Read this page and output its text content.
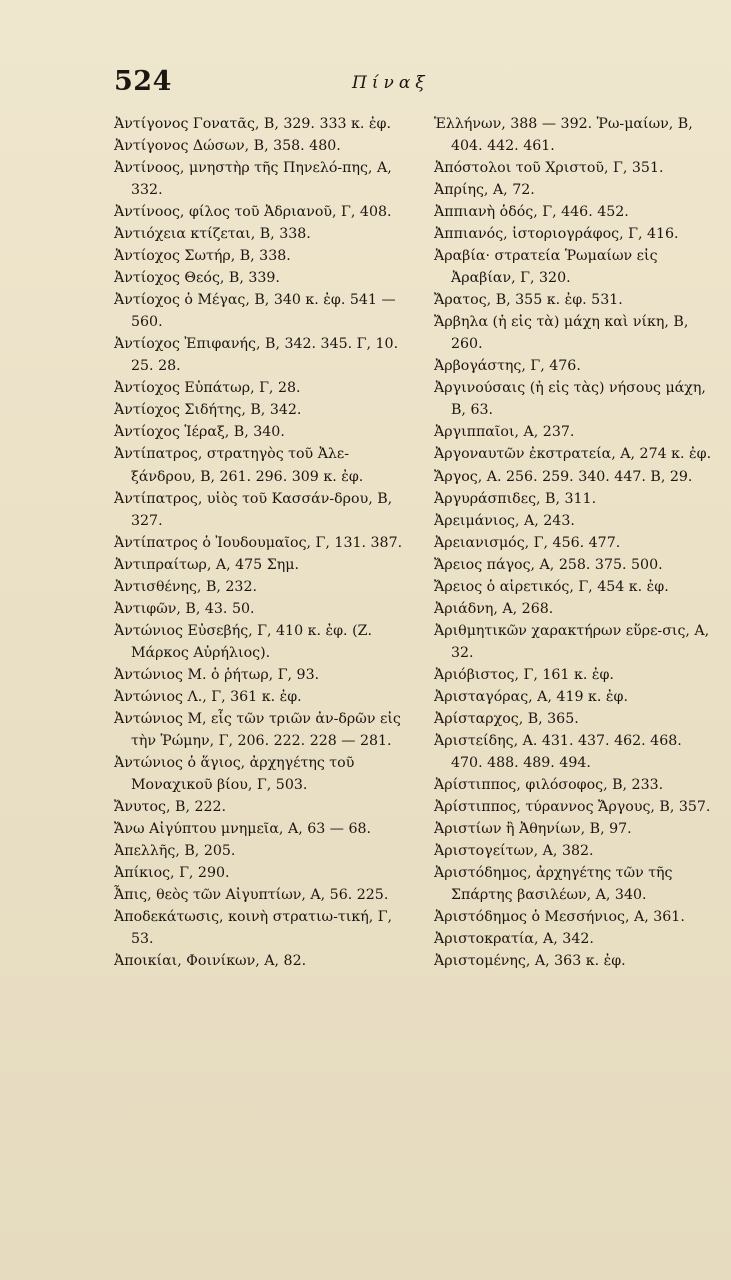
524	Πίναξ

Ἀντίγονος Γονατᾶς, Β, 329. 333 κ. ἐφ.

Ἀντίγονος Δώσων, Β, 358. 480.

Ἀντίνοος, μνηστὴρ τῆς Πηνελό-πης, Α, 332.

Ἀντίνοος, φίλος τοῦ Ἀδριανοῦ, Γ, 408.

Ἀντιόχεια κτίζεται, Β, 338.

Ἀντίοχος Σωτήρ, Β, 338.

Ἀντίοχος Θεός, Β, 339.

Ἀντίοχος ὁ Μέγας, Β, 340 κ. ἐφ. 541 — 560.

Ἀντίοχος Ἐπιφανής, Β, 342. 345. Γ, 10. 25. 28.

Ἀντίοχος Εὐπάτωρ, Γ, 28.

Ἀντίοχος Σιδήτης, Β, 342.

Ἀντίοχος Ἱέραξ, Β, 340.

Ἀντίπατρος, στρατηγὸς τοῦ Ἀλε-ξάνδρου, Β, 261. 296. 309 κ. ἐφ.

Ἀντίπατρος, υἱὸς τοῦ Κασσάν-δρου, Β, 327.

Ἀντίπατρος ὁ Ἰουδουμαῖος, Γ, 131. 387.

Ἀντιπραίτωρ, Α, 475 Σημ.

Ἀντισθένης, Β, 232.

Ἀντιφῶν, Β, 43. 50.

Ἀντώνιος Εὐσεβής, Γ, 410 κ. ἐφ. (Ζ. Μάρκος Αὐρήλιος).

Ἀντώνιος Μ. ὁ ῥήτωρ, Γ, 93.

Ἀντώνιος Λ., Γ, 361 κ. ἐφ.

Ἀντώνιος Μ, εἷς τῶν τριῶν ἀν-δρῶν εἰς τὴν Ῥώμην, Γ, 206. 222. 228 — 281.

Ἀντώνιος ὁ ἅγιος, ἀρχηγέτης τοῦ Μοναχικοῦ βίου, Γ, 503.

Ἄνυτος, Β, 222.

Ἄνω Αἰγύπτου μνημεῖα, Α, 63 — 68.

Ἀπελλῆς, Β, 205.

Ἀπίκιος, Γ, 290.

Ἆπις, θεὸς τῶν Αἰγυπτίων, Α, 56. 225.

Ἀποδεκάτωσις, κοινὴ στρατιω-τική, Γ, 53.

Ἀποικίαι, Φοινίκων, Α, 82.

Ἑλλήνων, 388 — 392. Ῥω-μαίων, Β, 404. 442. 461.

Ἀπόστολοι τοῦ Χριστοῦ, Γ, 351.

Ἀπρίης, Α, 72.

Ἀππιανὴ ὁδός, Γ, 446. 452.

Ἀππιανός, ἱστοριογράφος, Γ, 416.

Ἀραβία· στρατεία Ῥωμαίων εἰς Ἀραβίαν, Γ, 320.

Ἄρατος, Β, 355 κ. ἐφ. 531.

Ἄρβηλα (ἡ εἰς τὰ) μάχη καὶ νίκη, Β, 260.

Ἀρβογάστης, Γ, 476.

Ἀργινούσαις (ἡ εἰς τὰς) νήσους μάχη, Β, 63.

Ἀργιππαῖοι, Α, 237.

Ἀργοναυτῶν ἐκστρατεία, Α, 274 κ. ἐφ.

Ἄργος, Α. 256. 259. 340. 447. Β, 29.

Ἀργυράσπιδες, Β, 311.

Ἀρειμάνιος, Α, 243.

Ἀρειανισμός, Γ, 456. 477.

Ἄρειος πάγος, Α, 258. 375. 500.

Ἄρειος ὁ αἱρετικός, Γ, 454 κ. ἐφ.

Ἀριάδνη, Α, 268.

Ἀριθμητικῶν χαρακτήρων εὕρε-σις, Α, 32.

Ἀριόβιστος, Γ, 161 κ. ἐφ.

Ἀρισταγόρας, Α, 419 κ. ἐφ.

Ἀρίσταρχος, Β, 365.

Ἀριστείδης, Α. 431. 437. 462. 468. 470. 488. 489. 494.

Ἀρίστιππος, φιλόσοφος, Β, 233.

Ἀρίστιππος, τύραννος Ἄργους, Β, 357.

Ἀριστίων ἢ Ἀθηνίων, Β, 97.

Ἀριστογείτων, Α, 382.

Ἀριστόδημος, ἀρχηγέτης τῶν τῆς Σπάρτης βασιλέων, Α, 340.

Ἀριστόδημος ὁ Μεσσήνιος, Α, 361.

Ἀριστοκρατία, Α, 342.

Ἀριστομένης, Α, 363 κ. ἐφ.
